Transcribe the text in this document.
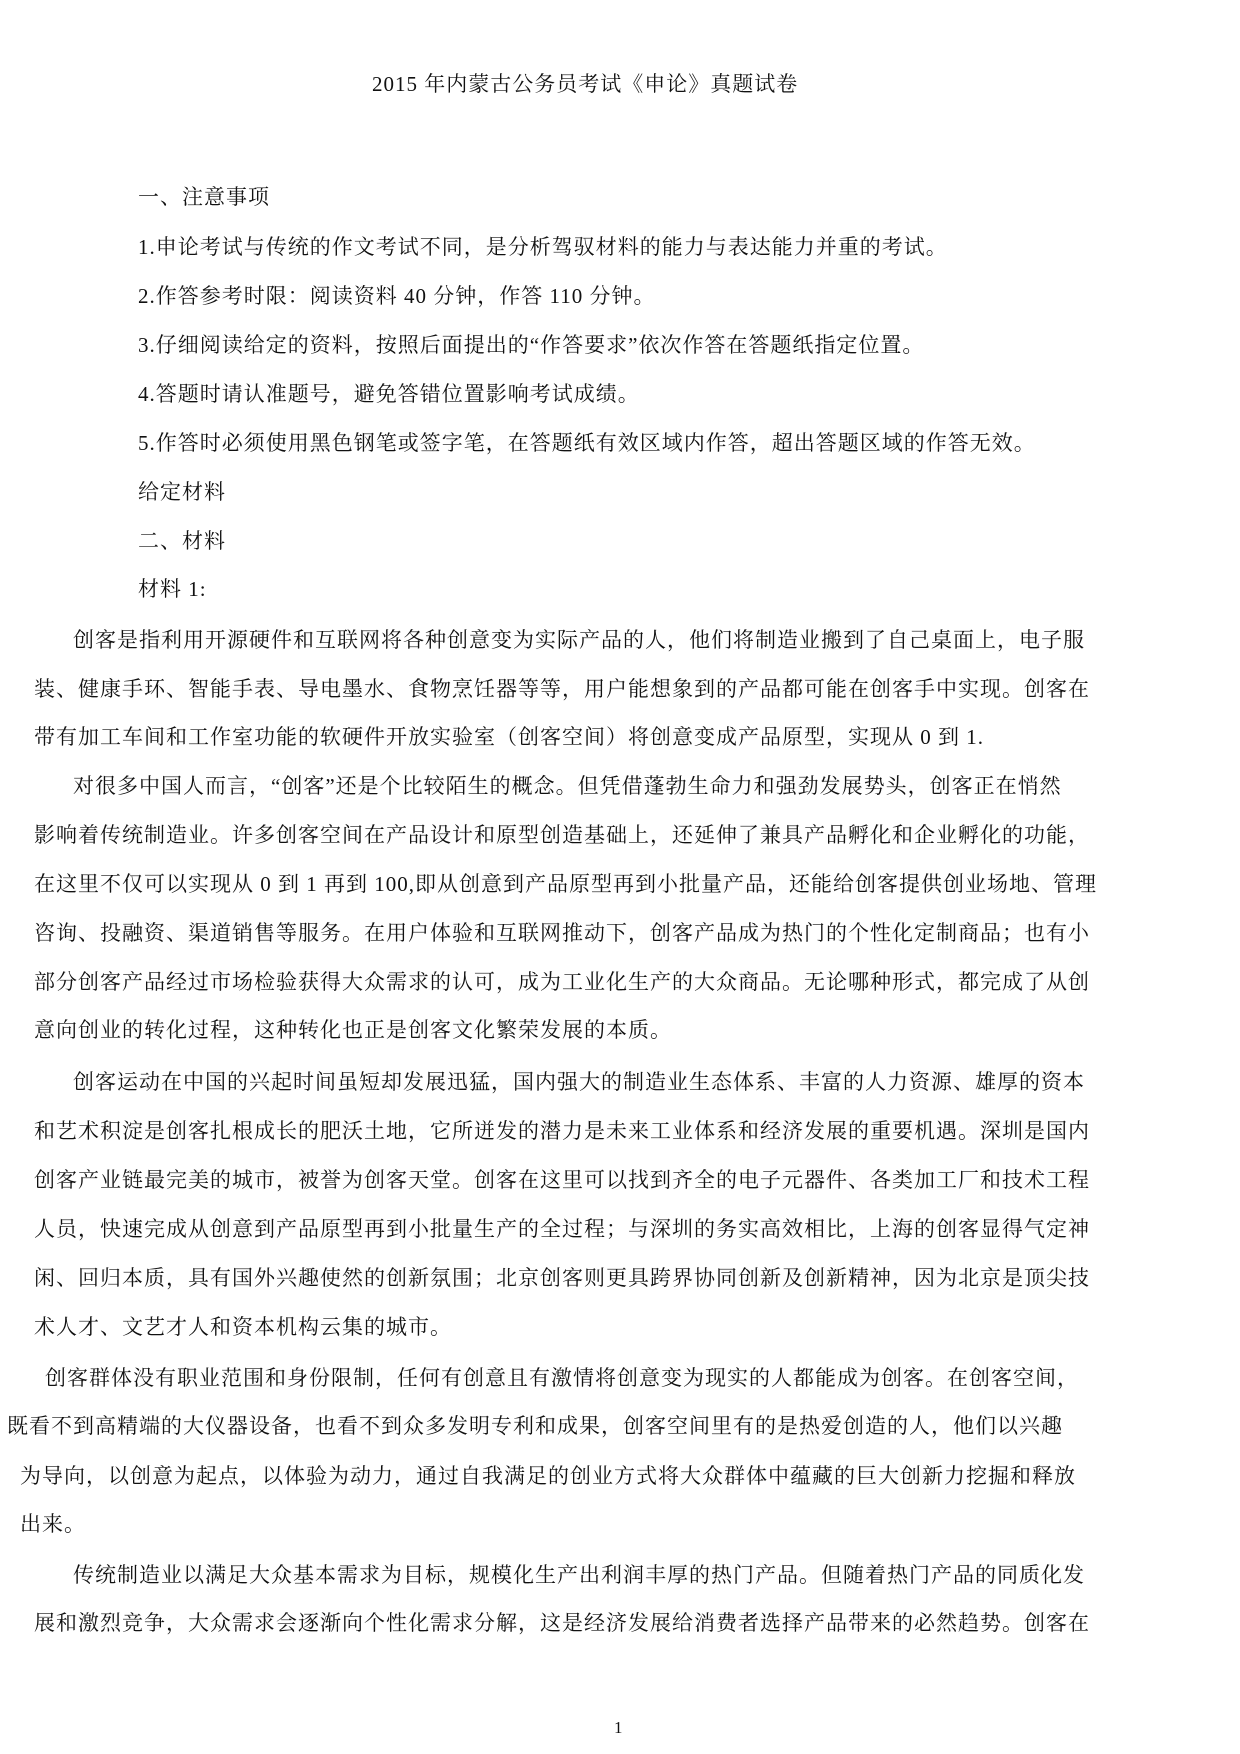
2015 年内蒙古公务员考试《申论》真题试卷
一、注意事项
1.申论考试与传统的作文考试不同，是分析驾驭材料的能力与表达能力并重的考试。
2.作答参考时限：阅读资料 40 分钟，作答 110 分钟。
3.仔细阅读给定的资料，按照后面提出的“作答要求”依次作答在答题纸指定位置。
4.答题时请认准题号，避免答错位置影响考试成绩。
5.作答时必须使用黑色钢笔或签字笔，在答题纸有效区域内作答，超出答题区域的作答无效。
给定材料
二、材料
材料 1:
创客是指利用开源硬件和互联网将各种创意变为实际产品的人，他们将制造业搬到了自己桌面上，电子服
装、健康手环、智能手表、导电墨水、食物烹饪器等等，用户能想象到的产品都可能在创客手中实现。创客在
带有加工车间和工作室功能的软硬件开放实验室（创客空间）将创意变成产品原型，实现从 0 到 1.
对很多中国人而言，“创客”还是个比较陌生的概念。但凭借蓬勃生命力和强劲发展势头，创客正在悄然
影响着传统制造业。许多创客空间在产品设计和原型创造基础上，还延伸了兼具产品孵化和企业孵化的功能，
在这里不仅可以实现从 0 到 1 再到 100,即从创意到产品原型再到小批量产品，还能给创客提供创业场地、管理
咨询、投融资、渠道销售等服务。在用户体验和互联网推动下，创客产品成为热门的个性化定制商品；也有小
部分创客产品经过市场检验获得大众需求的认可，成为工业化生产的大众商品。无论哪种形式，都完成了从创
意向创业的转化过程，这种转化也正是创客文化繁荣发展的本质。
创客运动在中国的兴起时间虽短却发展迅猛，国内强大的制造业生态体系、丰富的人力资源、雄厚的资本
和艺术积淀是创客扎根成长的肥沃土地，它所迸发的潜力是未来工业体系和经济发展的重要机遇。深圳是国内
创客产业链最完美的城市，被誉为创客天堂。创客在这里可以找到齐全的电子元器件、各类加工厂和技术工程
人员，快速完成从创意到产品原型再到小批量生产的全过程；与深圳的务实高效相比，上海的创客显得气定神
闲、回归本质，具有国外兴趣使然的创新氛围；北京创客则更具跨界协同创新及创新精神，因为北京是顶尖技
术人才、文艺才人和资本机构云集的城市。
创客群体没有职业范围和身份限制，任何有创意且有激情将创意变为现实的人都能成为创客。在创客空间，
既看不到高精端的大仪器设备，也看不到众多发明专利和成果，创客空间里有的是热爱创造的人，他们以兴趣
为导向，以创意为起点，以体验为动力，通过自我满足的创业方式将大众群体中蕴藏的巨大创新力挖掘和释放
出来。
传统制造业以满足大众基本需求为目标，规模化生产出利润丰厚的热门产品。但随着热门产品的同质化发
展和激烈竞争，大众需求会逐渐向个性化需求分解，这是经济发展给消费者选择产品带来的必然趋势。创客在
1
